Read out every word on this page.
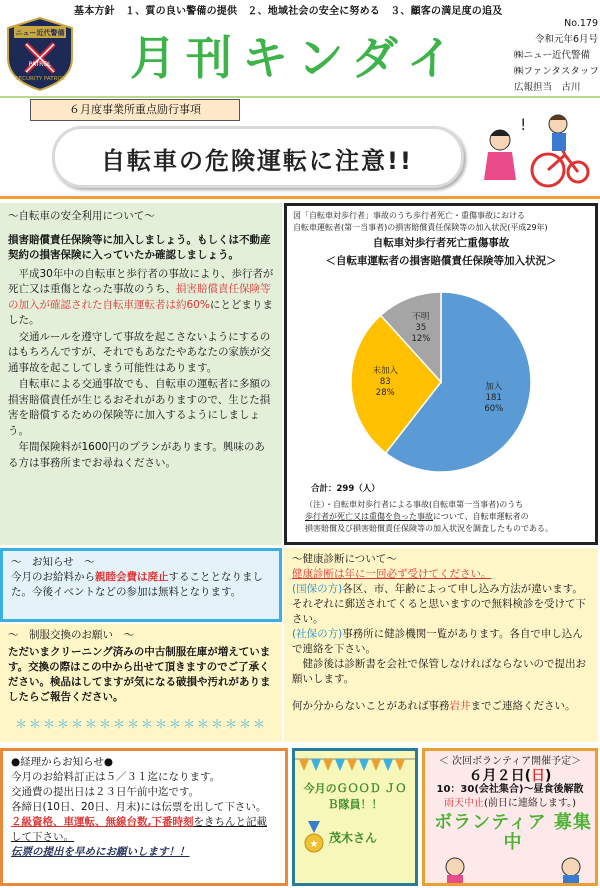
基本方針　１、質の良い警備の提供　２、地域社会の安全に努める　３、顧客の満足度の追及
ニュー近代警備
PATROL
SECURITY PATROL 月刊キンダイ
No.179
令和元年6月号
㈱ニュー近代警備
㈱ファンタスタッフ
広報担当　古川
６月度事業所重点励行事項
自転車の危険運転に注意!!
!
～自転車の安全利用について～

損害賠償責任保険等に加入しましょう。もしくは不動産契約の損害保険に入っていたか確認しましょう。

　平成30年中の自転車と歩行者の事故により、歩行者が死亡又は重傷となった事故のうち、損害賠償責任保険等の加入が確認された自転車運転者は約60%にとどまりました。

　交通ルールを遵守して事故を起こさないようにするのはもちろんですが、それでもあなたやあなたの家族が交通事故を起こしてしまう可能性はあります。

　自転車による交通事故でも、自転車の運転者に多額の損害賠償責任が生じるおそれがありますので、生じた損害を賠償するための保険等に加入するようにしましょう。

　年間保険料が1600円のプランがあります。興味のある方は事務所までお尋ねください。

図「自転車対歩行者」事故のうち歩行者死亡・重傷事故における
自転車運転者(第一当事者)の損害賠償責任保険等の加入状況(平成29年)
自転車対歩行者死亡重傷事故
＜自転車運転者の損害賠償責任保険等加入状況＞
加入
181
60%
未加入
83
28%
不明
35
12%
合計：299（人）
（注）・自転車対歩行者による事故(自転車第一当事者)のうち
歩行者が死亡又は重傷を負った事故について、自転車運転者の
損害賠償及び損害賠償責任保険等の加入状況を調査したものである。
～　お知らせ　～
今月のお給料から親睦会費は廃止することとなりました。今後イベントなどの参加は無料となります。
～　制服交換のお願い　～
ただいまクリーニング済みの中古制服在庫が増えています。交換の際はこの中から出せて頂きますのでご了承ください。検品はしてますが気になる破損や汚れがありましたらご報告ください。
＊＊＊＊＊＊＊＊＊＊＊＊＊＊＊＊＊＊
～健康診断について～
健康診断は年に一回必ず受けてください。
(国保の方)各区、市、年齢によって申し込み方法が違います。それぞれに郵送されてくると思いますので無料検診を受けて下さい。
(社保の方)事務所に健診機関一覧があります。各自で申し込んで連絡を下さい。
　健診後は診断書を会社で保管しなければならないので提出お願いします。
何か分からないことがあれば事務岩井までご連絡ください。
●経理からお知らせ●
今月のお給料訂正は５／３１迄になります。
交通費の提出日は２３日午前中迄です。
各締日(10日、20日、月末)には伝票を出して下さい。
２級資格、車運転、無線台数,下番時刻をきちんと記載して下さい。
伝票の提出を早めにお願いします！！
今月のＧＯＯＤ ＪＯＢ隊員！！
★ 茂木さん
＜ 次回ボランティア開催予定＞
６月２日(日)
10：30(会社集合)～昼食後解散
雨天中止(前日に連絡します。)
ボランティア 募集中
